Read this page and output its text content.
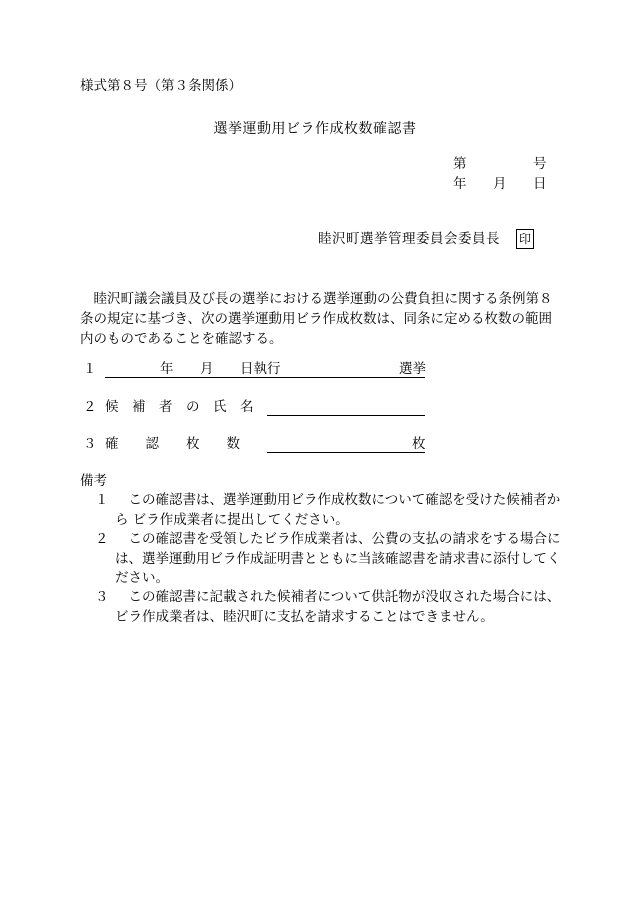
様式第８号（第３条関係）
選挙運動用ビラ作成枚数確認書
第	号
年 月 日
睦沢町選挙管理委員会委員長 印
　睦沢町議会議員及び長の選挙における選挙運動の公費負担に関する条例第８
条の規定に基づき、次の選挙運動用ビラ作成枚数は、同条に定める枚数の範囲
内のものであることを確認する。
１	年 月 日執行	選挙
２ 候　補　者　の　氏　名
３ 確　　認　　枚　　数	枚
備考
１ 　この確認書は、選挙運動用ビラ作成枚数について確認を受けた候補者か
ら ビラ作成業者に提出してください。
２ 　この確認書を受領したビラ作成業者は、公費の支払の請求をする場合に
は、選挙運動用ビラ作成証明書とともに当該確認書を請求書に添付してく
ださい。
３ 　この確認書に記載された候補者について供託物が没収された場合には、
ビラ作成業者は、睦沢町に支払を請求することはできません。
